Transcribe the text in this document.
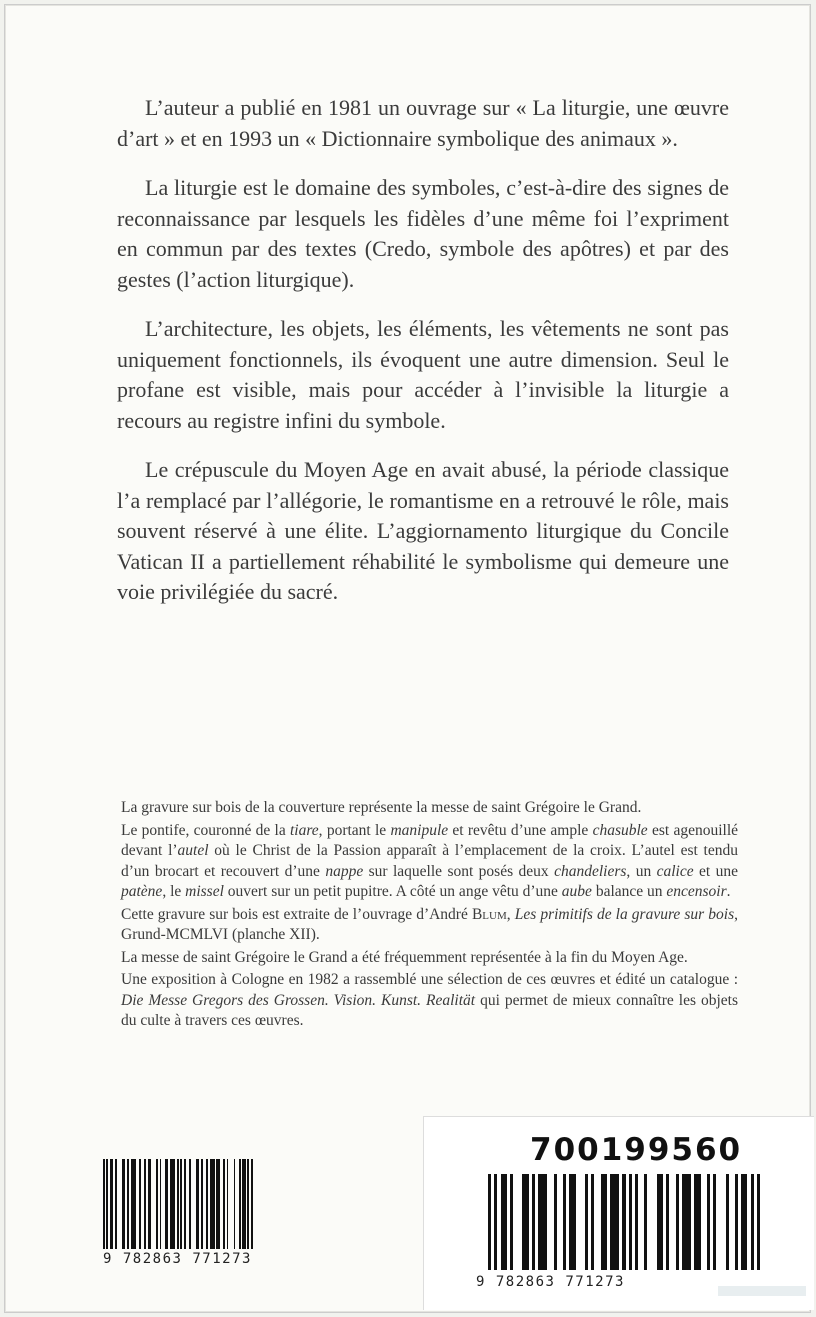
L’auteur a publié en 1981 un ouvrage sur « La liturgie, une œuvre d’art » et en 1993 un « Dictionnaire symbolique des animaux ».

La liturgie est le domaine des symboles, c’est-à-dire des signes de reconnaissance par lesquels les fidèles d’une même foi l’expriment en commun par des textes (Credo, symbole des apôtres) et par des gestes (l’action liturgique).

L’architecture, les objets, les éléments, les vêtements ne sont pas uniquement fonctionnels, ils évoquent une autre dimension. Seul le profane est visible, mais pour accéder à l’invisible la liturgie a recours au registre infini du symbole.

Le crépuscule du Moyen Age en avait abusé, la période classique l’a remplacé par l’allégorie, le romantisme en a retrouvé le rôle, mais souvent réservé à une élite. L’aggiornamento liturgique du Concile Vatican II a partiellement réhabilité le symbolisme qui demeure une voie privilégiée du sacré.

La gravure sur bois de la couverture représente la messe de saint Grégoire le Grand.

Le pontife, couronné de la tiare, portant le manipule et revêtu d’une ample chasuble est agenouillé devant l’autel où le Christ de la Passion apparaît à l’emplacement de la croix. L’autel est tendu d’un brocart et recouvert d’une nappe sur laquelle sont posés deux chandeliers, un calice et une patène, le missel ouvert sur un petit pupitre. A côté un ange vêtu d’une aube balance un encensoir.

Cette gravure sur bois est extraite de l’ouvrage d’André Blum, Les primitifs de la gravure sur bois, Grund-MCMLVI (planche XII).

La messe de saint Grégoire le Grand a été fréquemment représentée à la fin du Moyen Age.

Une exposition à Cologne en 1982 a rassemblé une sélection de ces œuvres et édité un catalogue : Die Messe Gregors des Grossen. Vision. Kunst. Realität qui permet de mieux connaître les objets du culte à travers ces œuvres.

9 782863 771273
700199560
9 782863 771273
